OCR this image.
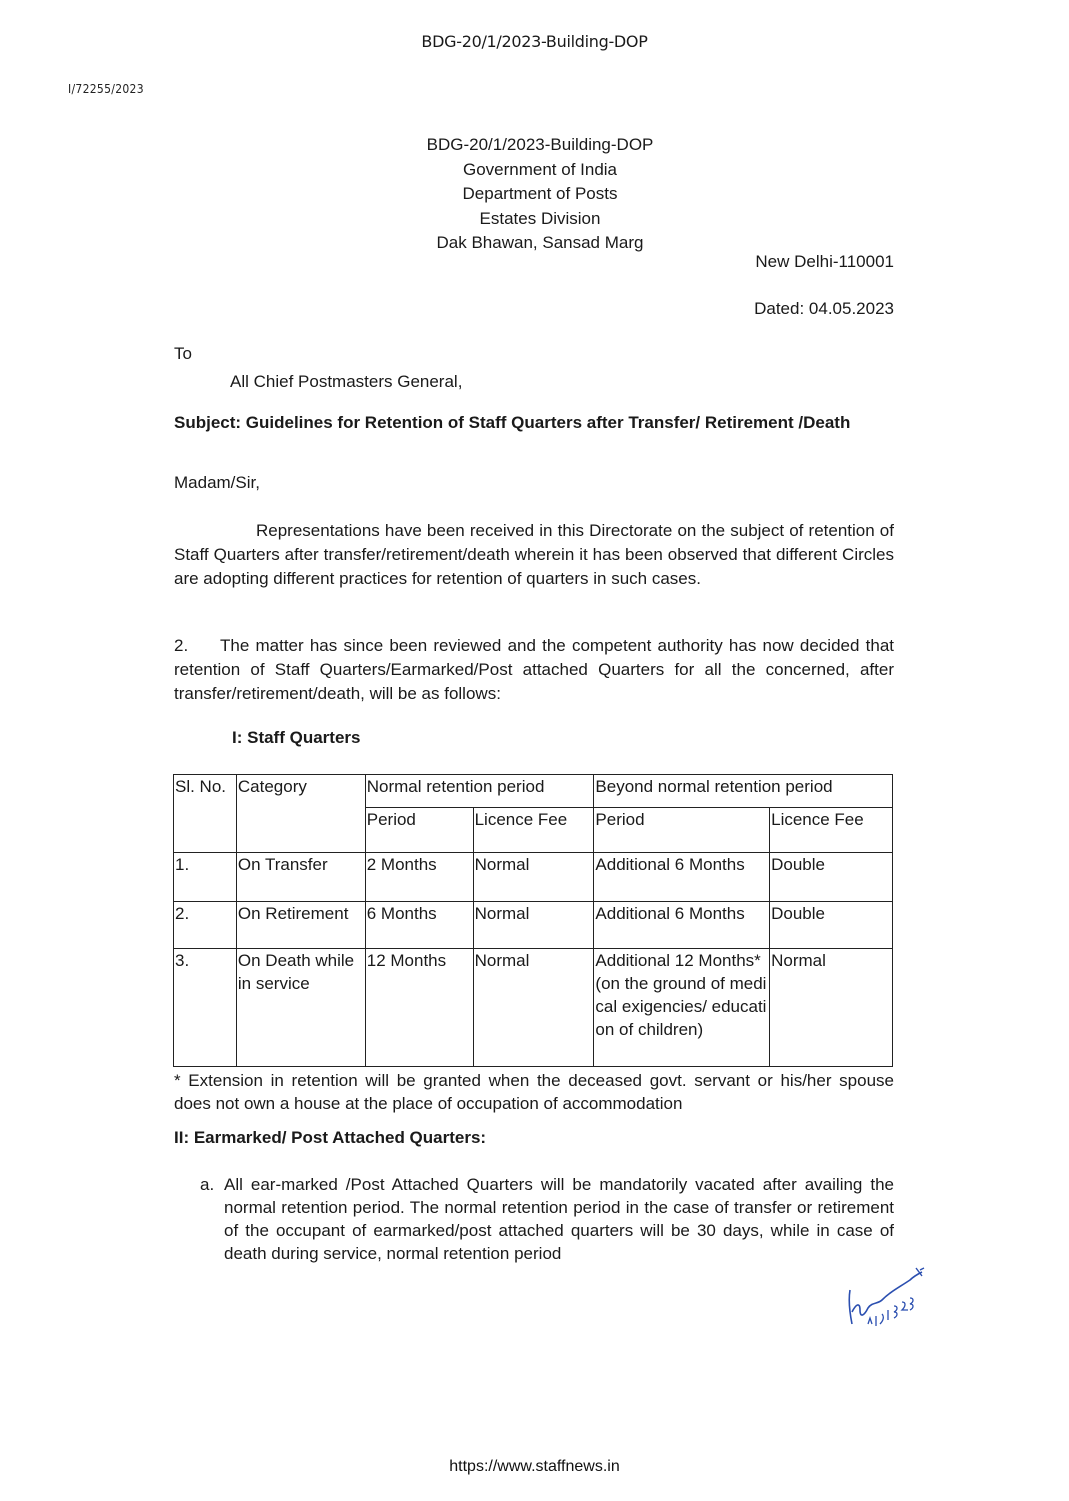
BDG-20/1/2023-Building-DOP
I/72255/2023
BDG-20/1/2023-Building-DOP
Government of India
Department of Posts
Estates Division
Dak Bhawan, Sansad Marg
New Delhi-110001
Dated: 04.05.2023
To
All Chief Postmasters General,
Subject: Guidelines for Retention of Staff Quarters after Transfer/ Retirement /Death
Madam/Sir,
Representations have been received in this Directorate on the subject of retention of Staff Quarters after transfer/retirement/death wherein it has been observed that different Circles are adopting different practices for retention of quarters in such cases.
2. The matter has since been reviewed and the competent authority has now decided that retention of Staff Quarters/Earmarked/Post attached Quarters for all the concerned, after transfer/retirement/death, will be as follows:
I: Staff Quarters
Sl. No.	Category	Normal retention period		Beyond normal retention period	
		Period	Licence Fee	Period	Licence Fee
1.	On Transfer	2 Months	Normal	Additional 6 Months	Double
2.	On Retirement	6 Months	Normal	Additional 6 Months	Double
3.	On Death while in service	12 Months	Normal	Additional 12 Months*(on the ground of medical exigencies/ education of children)	Normal
* Extension in retention will be granted when the deceased govt. servant or his/her spouse does not own a house at the place of occupation of accommodation
II: Earmarked/ Post Attached Quarters:
a. All ear-marked /Post Attached Quarters will be mandatorily vacated after availing the normal retention period. The normal retention period in the case of transfer or retirement of the occupant of earmarked/post attached quarters will be 30 days, while in case of death during service, normal retention period
https://www.staffnews.in
